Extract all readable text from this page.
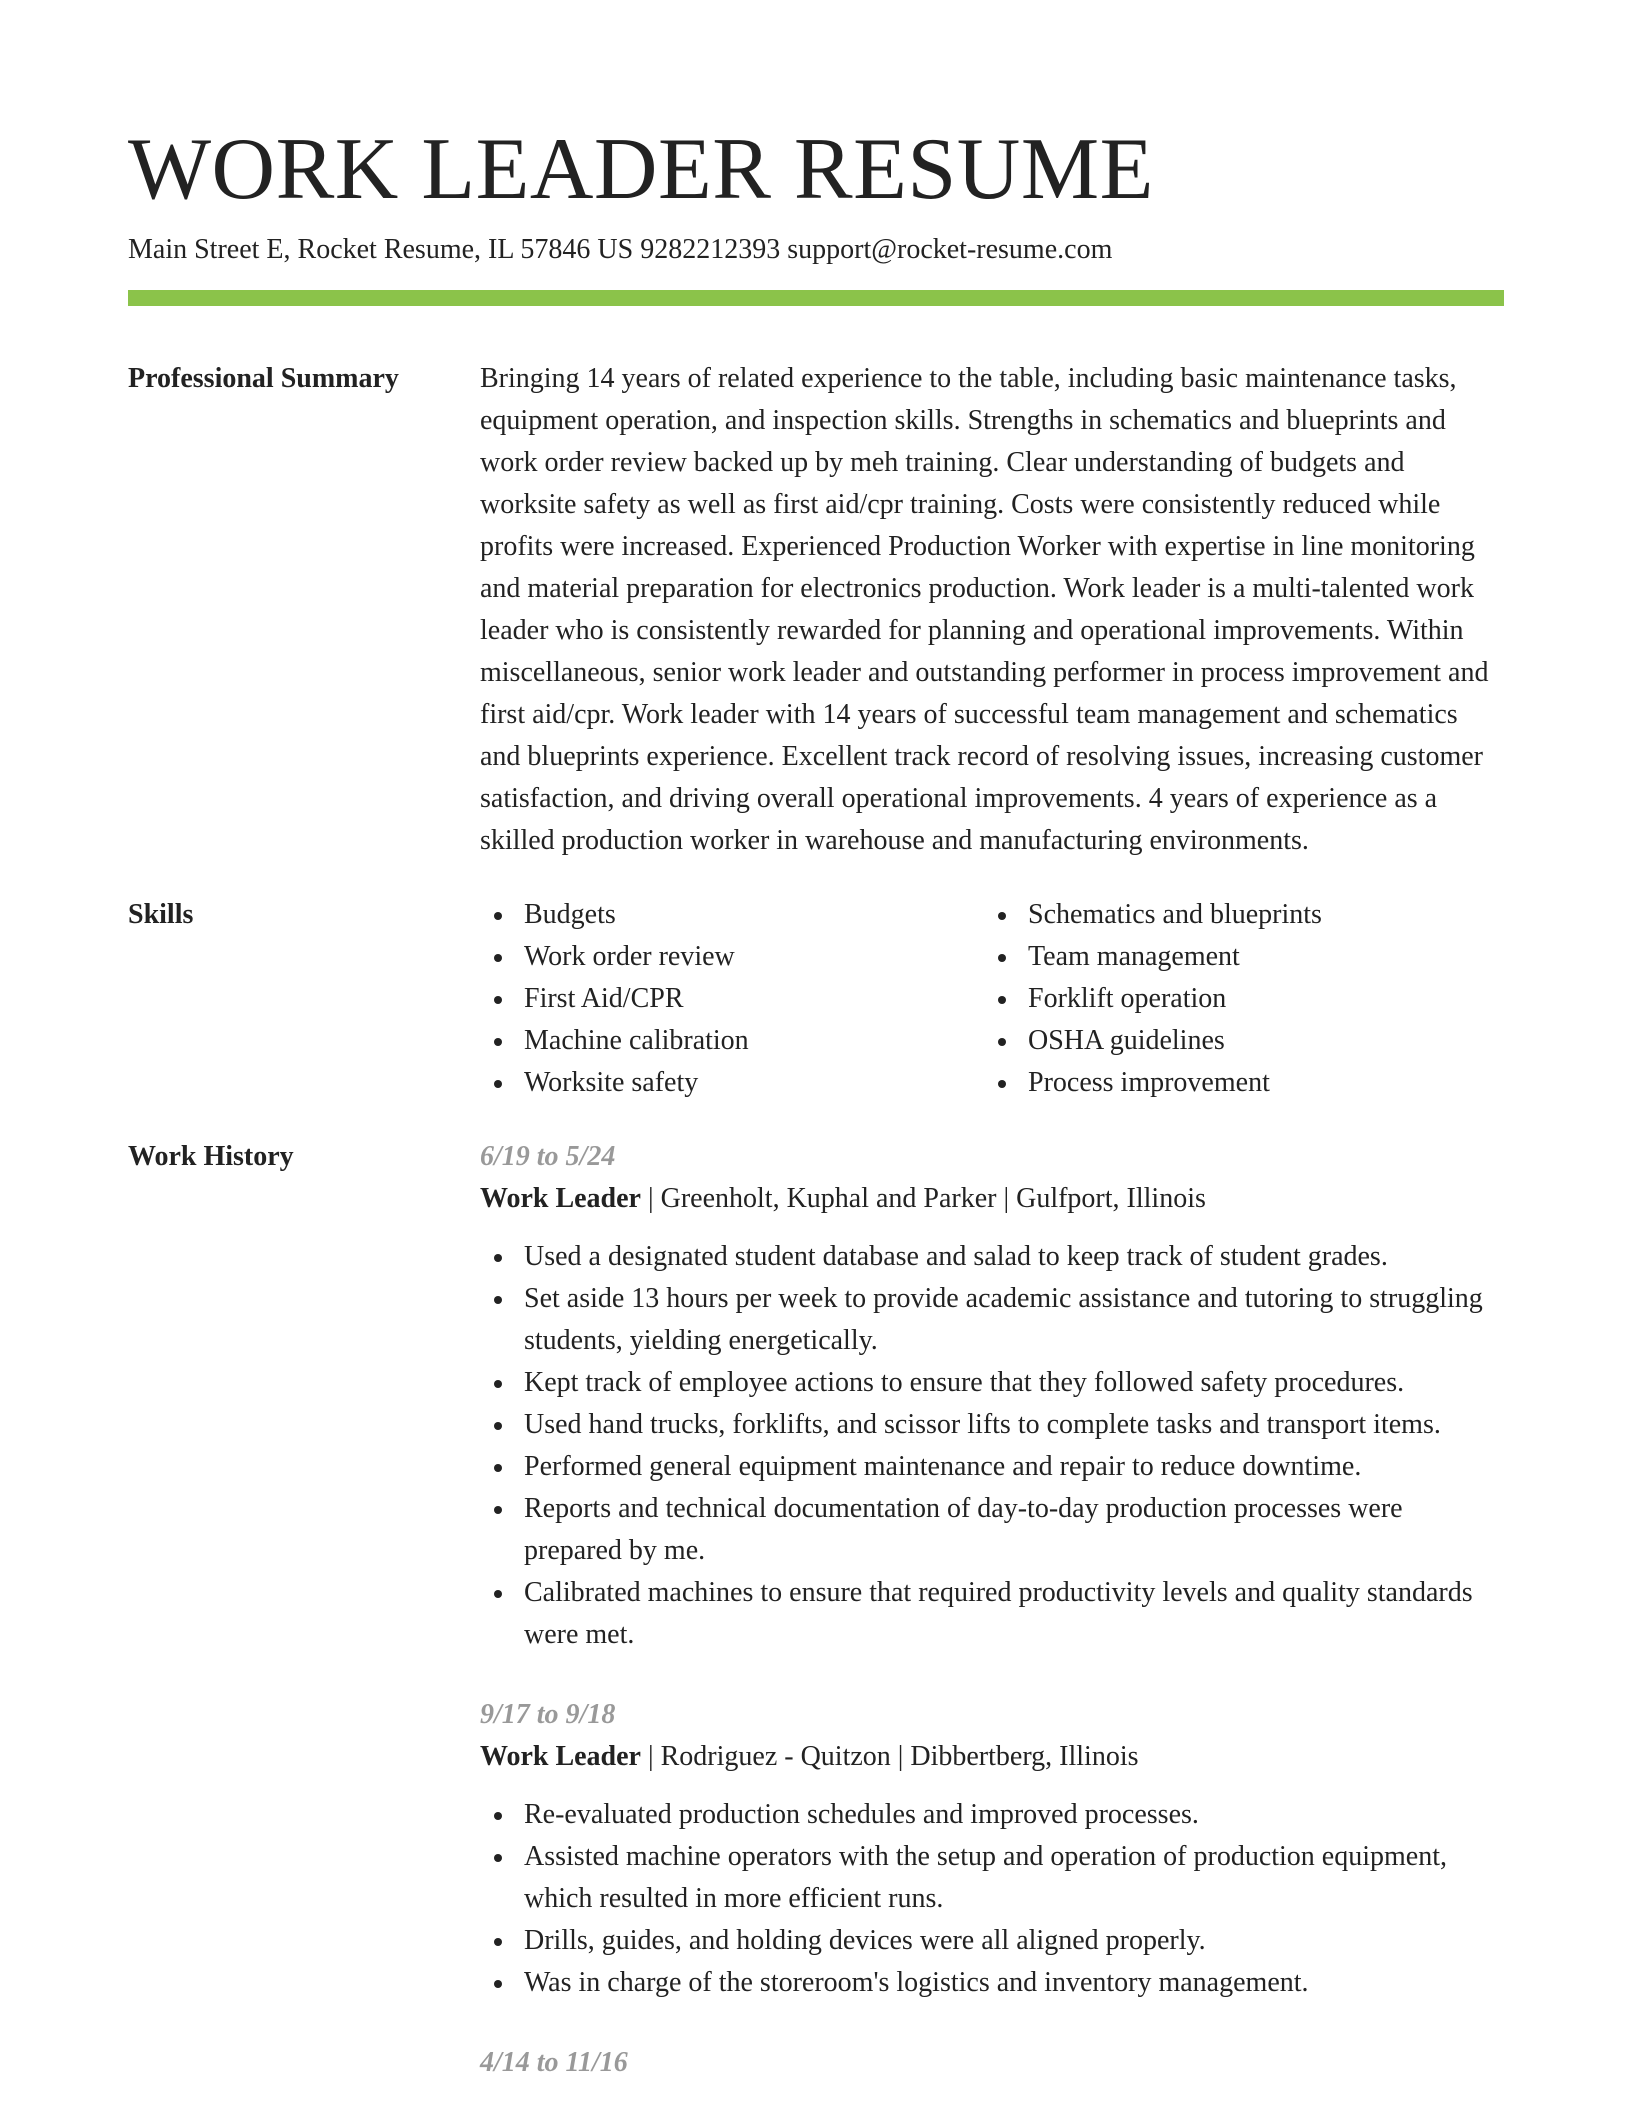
WORK LEADER RESUME
Main Street E, Rocket Resume, IL 57846 US 9282212393 support@rocket-resume.com
Professional Summary	Bringing 14 years of related experience to the table, including basic maintenance tasks, equipment operation, and inspection skills. Strengths in schematics and blueprints and work order review backed up by meh training. Clear understanding of budgets and worksite safety as well as first aid/cpr training. Costs were consistently reduced while profits were increased. Experienced Production Worker with expertise in line monitoring and material preparation for electronics production. Work leader is a multi-talented work leader who is consistently rewarded for planning and operational improvements. Within miscellaneous, senior work leader and outstanding performer in process improvement and first aid/cpr. Work leader with 14 years of successful team management and schematics and blueprints experience. Excellent track record of resolving issues, increasing customer satisfaction, and driving overall operational improvements. 4 years of experience as a skilled production worker in warehouse and manufacturing environments.

Skills	Budgets
Work order review
First Aid/CPR
Machine calibration
Worksite safety
Schematics and blueprints
Team management
Forklift operation
OSHA guidelines
Process improvement
Work History	6/19 to 5/24
Work Leader | Greenholt, Kuphal and Parker | Gulfport, Illinois
Used a designated student database and salad to keep track of student grades.
Set aside 13 hours per week to provide academic assistance and tutoring to struggling students, yielding energetically.
Kept track of employee actions to ensure that they followed safety procedures.
Used hand trucks, forklifts, and scissor lifts to complete tasks and transport items.
Performed general equipment maintenance and repair to reduce downtime.
Reports and technical documentation of day-to-day production processes were prepared by me.
Calibrated machines to ensure that required productivity levels and quality standards were met.
9/17 to 9/18
Work Leader | Rodriguez - Quitzon | Dibbertberg, Illinois
Re-evaluated production schedules and improved processes.
Assisted machine operators with the setup and operation of production equipment, which resulted in more efficient runs.
Drills, guides, and holding devices were all aligned properly.
Was in charge of the storeroom's logistics and inventory management.
4/14 to 11/16
